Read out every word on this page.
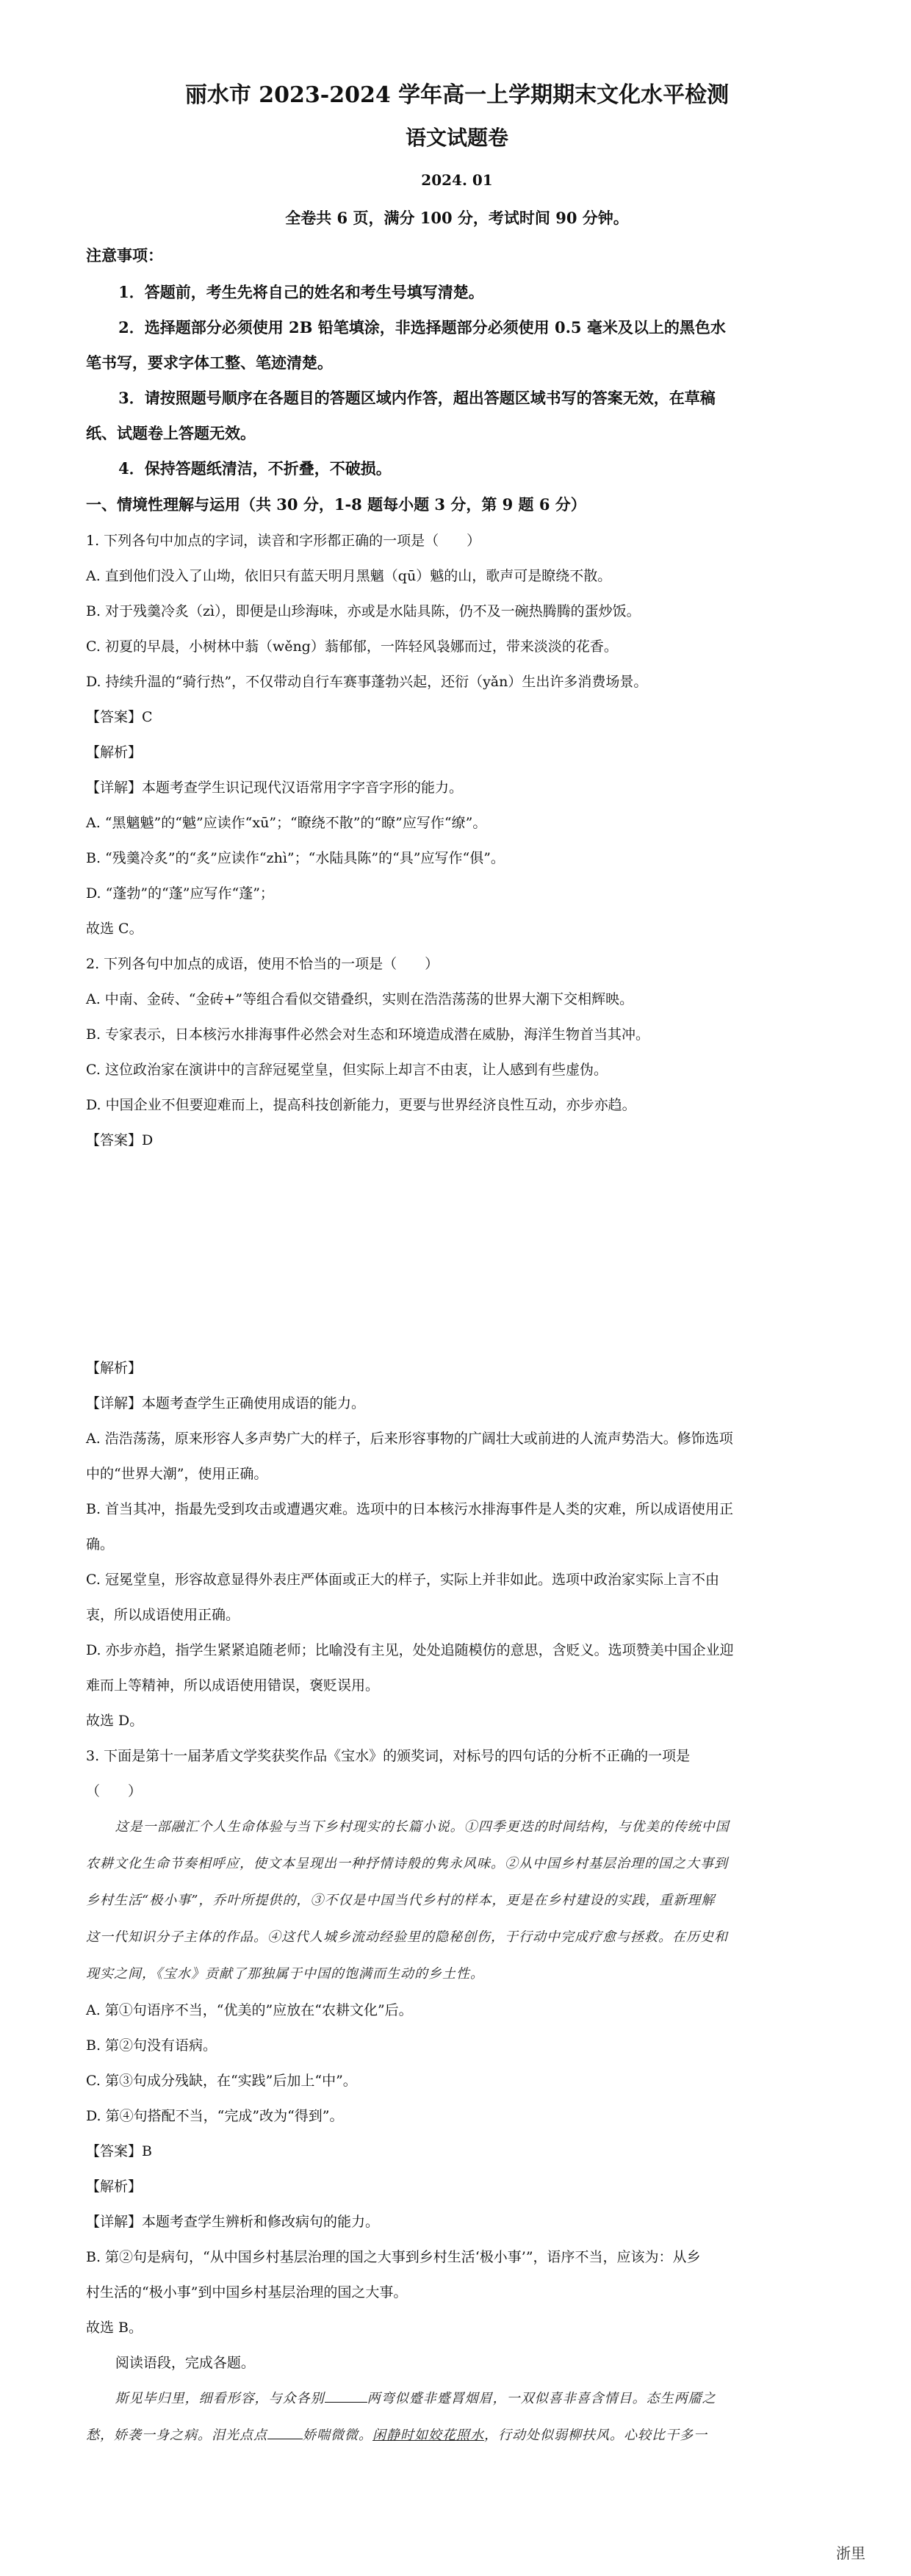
丽水市 2023-2024 学年高一上学期期末文化水平检测
语文试题卷
2024. 01
全卷共 6 页，满分 100 分，考试时间 90 分钟。
注意事项：

1．答题前，考生先将自己的姓名和考生号填写清楚。

2．选择题部分必须使用 2B 铅笔填涂，非选择题部分必须使用 0.5 毫米及以上的黑色水

笔书写，要求字体工整、笔迹清楚。

3．请按照题号顺序在各题目的答题区域内作答，超出答题区域书写的答案无效，在草稿

纸、试题卷上答题无效。

4．保持答题纸清洁，不折叠，不破损。

一、情境性理解与运用（共 30 分，1-8 题每小题 3 分，第 9 题 6 分）

1. 下列各句中加点的字词，读音和字形都正确的一项是（　　）

A. 直到他们没入了山坳，依旧只有蓝天明月黑魑（qū）魆的山，歌声可是瞭绕不散。

B. 对于残羹冷炙（zì），即便是山珍海味，亦或是水陆具陈，仍不及一碗热腾腾的蛋炒饭。

C. 初夏的早晨，小树林中蓊（wěng）蓊郁郁，一阵轻风袅娜而过，带来淡淡的花香。

D. 持续升温的“骑行热”，不仅带动自行车赛事蓬勃兴起，还衍（yǎn）生出许多消费场景。

【答案】C

【解析】

【详解】本题考查学生识记现代汉语常用字字音字形的能力。

A. “黑魑魆”的“魆”应读作“xū”；“瞭绕不散”的“瞭”应写作“缭”。

B. “残羹冷炙”的“炙”应读作“zhì”；“水陆具陈”的“具”应写作“俱”。

D. “蓬勃”的“蓬”应写作“蓬”；

故选 C。

2. 下列各句中加点的成语，使用不恰当的一项是（　　）

A. 中南、金砖、“金砖+”等组合看似交错叠织，实则在浩浩荡荡的世界大潮下交相辉映。

B. 专家表示，日本核污水排海事件必然会对生态和环境造成潜在威胁，海洋生物首当其冲。

C. 这位政治家在演讲中的言辞冠冕堂皇，但实际上却言不由衷，让人感到有些虚伪。

D. 中国企业不但要迎难而上，提高科技创新能力，更要与世界经济良性互动，亦步亦趋。

【答案】D

【解析】

【详解】本题考查学生正确使用成语的能力。

A. 浩浩荡荡，原来形容人多声势广大的样子，后来形容事物的广阔壮大或前进的人流声势浩大。修饰选项

中的“世界大潮”，使用正确。

B. 首当其冲，指最先受到攻击或遭遇灾难。选项中的日本核污水排海事件是人类的灾难，所以成语使用正

确。

C. 冠冕堂皇，形容故意显得外表庄严体面或正大的样子，实际上并非如此。选项中政治家实际上言不由

衷，所以成语使用正确。

D. 亦步亦趋，指学生紧紧追随老师；比喻没有主见，处处追随模仿的意思，含贬义。选项赞美中国企业迎

难而上等精神，所以成语使用错误，褒贬误用。

故选 D。

3. 下面是第十一届茅盾文学奖获奖作品《宝水》的颁奖词，对标号的四句话的分析不正确的一项是

（　　）

这是一部融汇个人生命体验与当下乡村现实的长篇小说。①四季更迭的时间结构，与优美的传统中国

农耕文化生命节奏相呼应，使文本呈现出一种抒情诗般的隽永风味。②从中国乡村基层治理的国之大事到

乡村生活“极小事”，乔叶所提供的，③不仅是中国当代乡村的样本，更是在乡村建设的实践，重新理解

这一代知识分子主体的作品。④这代人城乡流动经验里的隐秘创伤，于行动中完成疗愈与拯救。在历史和

现实之间，《宝水》贡献了那独属于中国的饱满而生动的乡土性。

A. 第①句语序不当，“优美的”应放在“农耕文化”后。

B. 第②句没有语病。

C. 第③句成分残缺，在“实践”后加上“中”。

D. 第④句搭配不当，“完成”改为“得到”。

【答案】B

【解析】

【详解】本题考查学生辨析和修改病句的能力。

B. 第②句是病句，“从中国乡村基层治理的国之大事到乡村生活‘极小事’”，语序不当，应该为：从乡

村生活的“极小事”到中国乡村基层治理的国之大事。

故选 B。

阅读语段，完成各题。

斯见毕归里，细看形容，与众各别	两弯似蹙非蹙罥烟眉，一双似喜非喜含情目。态生两靥之

愁，娇袭一身之病。泪光点点	娇喘微微。闲静时如姣花照水，行动处似弱柳扶风。心较比干多一

浙里
